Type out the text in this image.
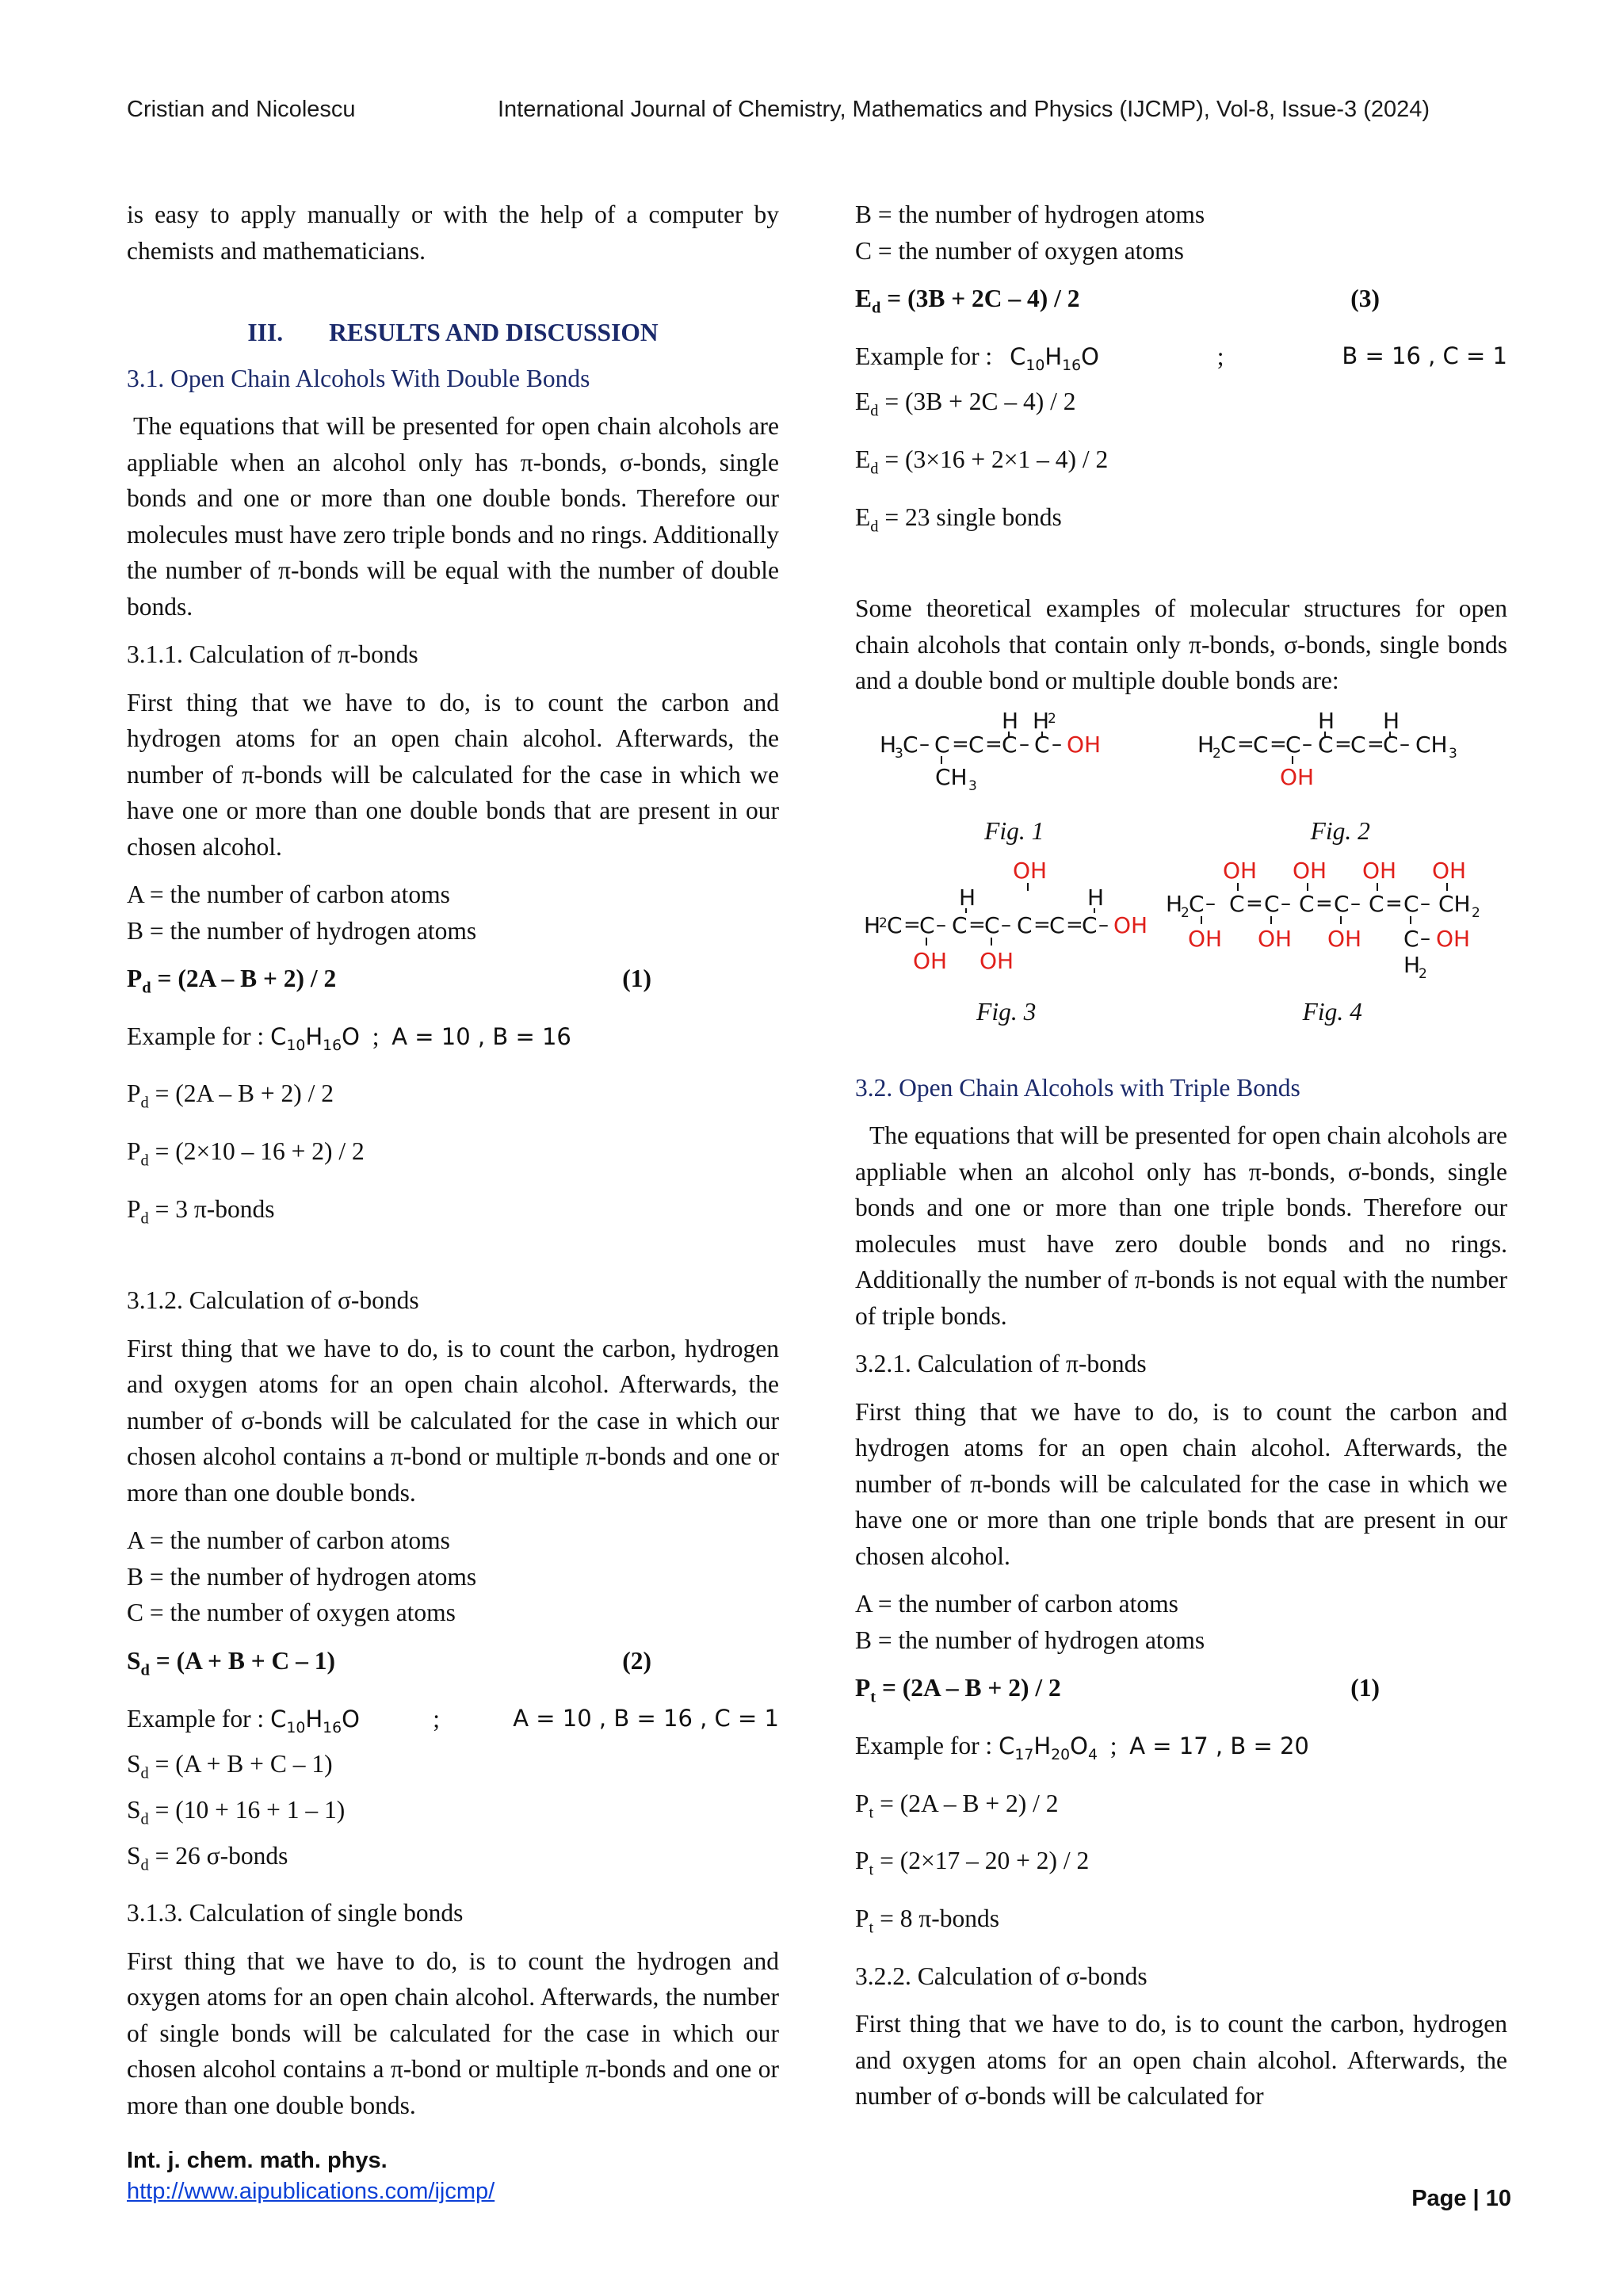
Cristian and Nicolescu	International Journal of Chemistry, Mathematics and Physics (IJCMP), Vol-8, Issue-3 (2024)

is easy to apply manually or with the help of a computer by chemists and mathematicians.

III. RESULTS AND DISCUSSION

3.1. Open Chain Alcohols With Double Bonds

The equations that will be presented for open chain alcohols are appliable when an alcohol only has π-bonds, σ-bonds, single bonds and one or more than one double bonds. Therefore our molecules must have zero triple bonds and no rings. Additionally the number of π-bonds will be equal with the number of double bonds.

3.1.1. Calculation of π-bonds

First thing that we have to do, is to count the carbon and hydrogen atoms for an open chain alcohol. Afterwards, the number of π-bonds will be calculated for the case in which we have one or more than one double bonds that are present in our chosen alcohol.

A = the number of carbon atoms

B = the number of hydrogen atoms

$P_d = (2A - B + 2) / 2$	(1)

Example for : $C_{10}H_{16}O$  ;  A = 10 , B = 16

$P_d = (2A - B + 2) / 2$

$P_d = (2\times 10 - 16 + 2) / 2$

$P_d = 3$ π-bonds

3.1.2. Calculation of σ-bonds

First thing that we have to do, is to count the carbon, hydrogen and oxygen atoms for an open chain alcohol. Afterwards, the number of σ-bonds will be calculated for the case in which our chosen alcohol contains a π-bond or multiple π-bonds and one or more than one double bonds.

A = the number of carbon atoms

B = the number of hydrogen atoms

C = the number of oxygen atoms

$S_d = (A + B + C - 1)$	(2)

Example for : $C_{10}H_{16}O$	;	A = 10 , B = 16 , C = 1

$S_d = (A + B + C - 1)$

$S_d = (10 + 16 + 1 - 1)$

$S_d = 26$ σ-bonds

3.1.3. Calculation of single bonds

First thing that we have to do, is to count the hydrogen and oxygen atoms for an open chain alcohol. Afterwards, the number of single bonds will be calculated for the case in which our chosen alcohol contains a π-bond or multiple π-bonds and one or more than one double bonds.

B = the number of hydrogen atoms

C = the number of oxygen atoms

$E_d = (3B + 2C - 4) / 2$	(3)

Example for : $C_{10}H_{16}O$	;	B = 16 , C = 1

$E_d = (3B + 2C - 4) / 2$

$E_d = (3\times 16 + 2\times 1 - 4) / 2$

$E_d = 23$ single bonds

Some theoretical examples of molecular structures for open chain alcohols that contain only π-bonds, σ-bonds, single bonds and a double bond or multiple double bonds are:

H
3 C – C = C = C
H
– C
H
2
– OH
CH 3
Fig. 1
H
2 C =
C =
C – C
H
=
C =
C
H
– CH 3
OH
Fig. 2
OH
H	H
H
2 C =
C – C =
C – C =
C =
C – OH
OH OH
Fig. 3
OH OH OH OH
H
2 C – C = C – C = C – C = C – CH 2
OH OH OH C – OH
H
2
Fig. 4

3.2. Open Chain Alcohols with Triple Bonds

The equations that will be presented for open chain alcohols are appliable when an alcohol only has π-bonds, σ-bonds, single bonds and one or more than one triple bonds. Therefore our molecules must have zero double bonds and no rings. Additionally the number of π-bonds is not equal with the number of triple bonds.

3.2.1. Calculation of π-bonds

First thing that we have to do, is to count the carbon and hydrogen atoms for an open chain alcohol. Afterwards, the number of π-bonds will be calculated for the case in which we have one or more than one triple bonds that are present in our chosen alcohol.

A = the number of carbon atoms

B = the number of hydrogen atoms

$P_t = (2A - B + 2) / 2$	(1)

Example for : $C_{17}H_{20}O_4$  ;  A = 17 , B = 20

$P_t = (2A - B + 2) / 2$

$P_t = (2\times 17 - 20 + 2) / 2$

$P_t = 8$ π-bonds

3.2.2. Calculation of σ-bonds

First thing that we have to do, is to count the carbon, hydrogen and oxygen atoms for an open chain alcohol. Afterwards, the number of σ-bonds will be calculated for

Int. j. chem. math. phys.
http://www.aipublications.com/ijcmp/	Page | 10
